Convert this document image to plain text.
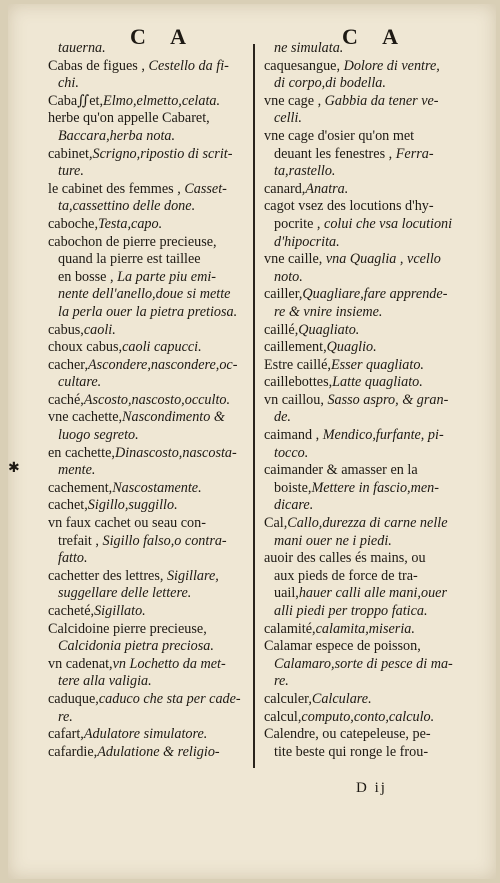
C A	C A
tauerna.
Cabas de figues , Cestello da fi-
chi.
Caba∬et,Elmo,elmetto,celata.
herbe qu'on appelle Cabaret,
Baccara,herba nota.
cabinet,Scrigno,ripostio di scrit-
ture.
le cabinet des femmes , Casset-
ta,cassettino delle done.
caboche,Testa,capo.
cabochon de pierre precieuse,
quand la pierre est taillee
en bosse , La parte piu emi-
nente dell'anello,doue si mette
la perla ouer la pietra pretiosa.
cabus,caoli.
choux cabus,caoli capucci.
cacher,Ascondere,nascondere,oc-
cultare.
caché,Ascosto,nascosto,occulto.
vne cachette,Nascondimento &
luogo segreto.
en cachette,Dinascosto,nascosta-
mente.
cachement,Nascostamente.
cachet,Sigillo,suggillo.
vn faux cachet ou seau con-
trefait , Sigillo falso,o contra-
fatto.
cachetter des lettres, Sigillare,
suggellare delle lettere.
cacheté,Sigillato.
Calcidoine pierre precieuse,
Calcidonia pietra preciosa.
vn cadenat,vn Lochetto da met-
tere alla valigia.
caduque,caduco che sta per cade-
re.
cafart,Adulatore simulatore.
cafardie,Adulatione & religio-
ne simulata.
caquesangue, Dolore di ventre,
di corpo,di bodella.
vne cage , Gabbia da tener ve-
celli.
vne cage d'osier qu'on met
deuant les fenestres , Ferra-
ta,rastello.
canard,Anatra.
cagot vsez des locutions d'hy-
pocrite , colui che vsa locutioni
d'hipocrita.
vne caille, vna Quaglia , vcello
noto.
cailler,Quagliare,fare apprende-
re & vnire insieme.
caillé,Quagliato.
caillement,Quaglio.
Estre caillé,Esser quagliato.
caillebottes,Latte quagliato.
vn caillou, Sasso aspro, & gran-
de.
caimand , Mendico,furfante, pi-
tocco.
caimander & amasser en la
boiste,Mettere in fascio,men-
dicare.
Cal,Callo,durezza di carne nelle
mani ouer ne i piedi.
auoir des calles és mains, ou
aux pieds de force de tra-
uail,hauer calli alle mani,ouer
alli piedi per troppo fatica.
calamité,calamita,miseria.
Calamar espece de poisson,
Calamaro,sorte di pesce di ma-
re.
calculer,Calculare.
calcul,computo,conto,calculo.
Calendre, ou catepeleuse, pe-
tite beste qui ronge le frou-
D ij
✱
